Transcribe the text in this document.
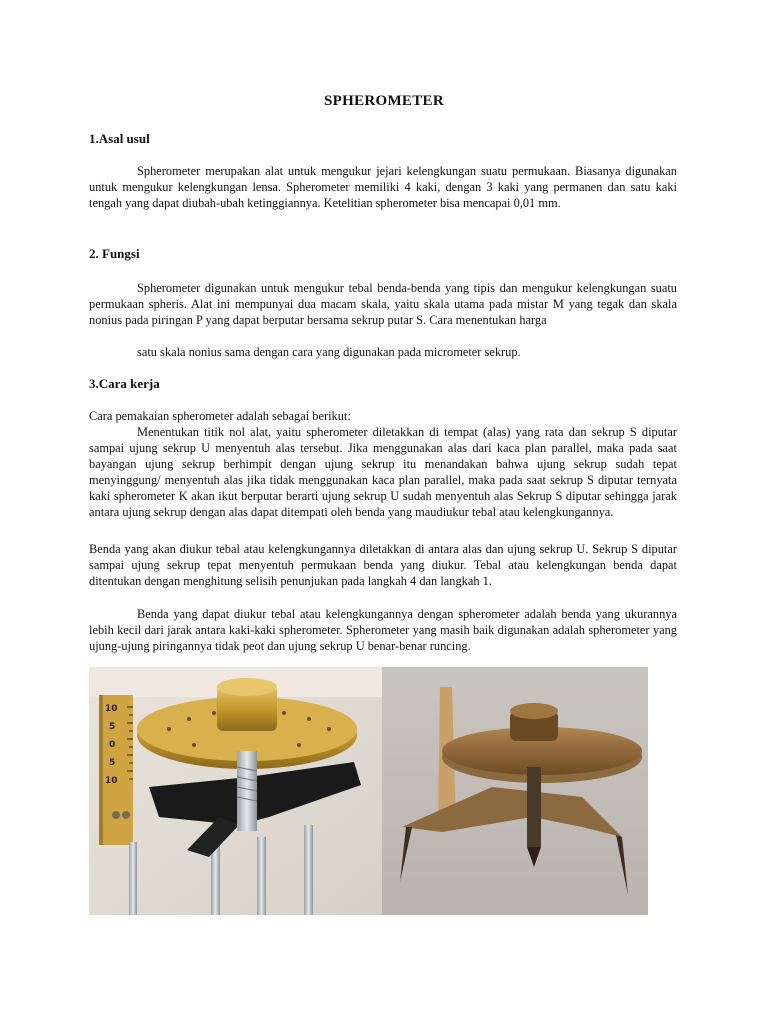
SPHEROMETER
1.Asal usul

Spherometer merupakan alat untuk mengukur jejari kelengkungan suatu permukaan. Biasanya digunakan untuk mengukur kelengkungan lensa. Spherometer memiliki 4 kaki, dengan 3 kaki yang permanen dan satu kaki tengah yang dapat diubah-ubah ketinggiannya. Ketelitian spherometer bisa mencapai 0,01 mm.

2. Fungsi

Spherometer digunakan untuk mengukur tebal benda-benda yang tipis dan mengukur kelengkungan suatu permukaan spheris. Alat ini mempunyai dua macam skala, yaitu skala utama pada mistar M yang tegak dan skala nonius pada piringan P yang dapat berputar bersama sekrup putar S. Cara menentukan harga

satu skala nonius sama dengan cara yang digunakan pada micrometer sekrup.

3.Cara kerja

Cara pemakaian spherometer adalah sebagai berikut:

Menentukan titik nol alat, yaitu spherometer diletakkan di tempat (alas) yang rata dan sekrup S diputar sampai ujung sekrup U menyentuh alas tersebut. Jika menggunakan alas dari kaca plan parallel, maka pada saat bayangan ujung sekrup berhimpit dengan ujung sekrup itu menandakan bahwa ujung sekrup sudah tepat menyinggung/ menyentuh alas jika tidak menggunakan kaca plan parallel, maka pada saat sekrup S diputar ternyata kaki spherometer K akan ikut berputar berarti ujung sekrup U sudah menyentuh alas Sekrup S diputar sehingga jarak antara ujung sekrup dengan alas dapat ditempati oleh benda yang maudiukur tebal atau kelengkungannya.

Benda yang akan diukur tebal atau kelengkungannya diletakkan di antara alas dan ujung sekrup U. Sekrup S diputar sampai ujung sekrup tepat menyentuh permukaan benda yang diukur. Tebal atau kelengkungan benda dapat ditentukan dengan menghitung selisih penunjukan pada langkah 4 dan langkah 1.

Benda yang dapat diukur tebal atau kelengkungannya dengan spherometer adalah benda yang ukurannya lebih kecil dari jarak antara kaki-kaki spherometer. Spherometer yang masih baik digunakan adalah spherometer yang ujung-ujung piringannya tidak peot dan ujung sekrup U benar-benar runcing.

10
5
0
5
10
